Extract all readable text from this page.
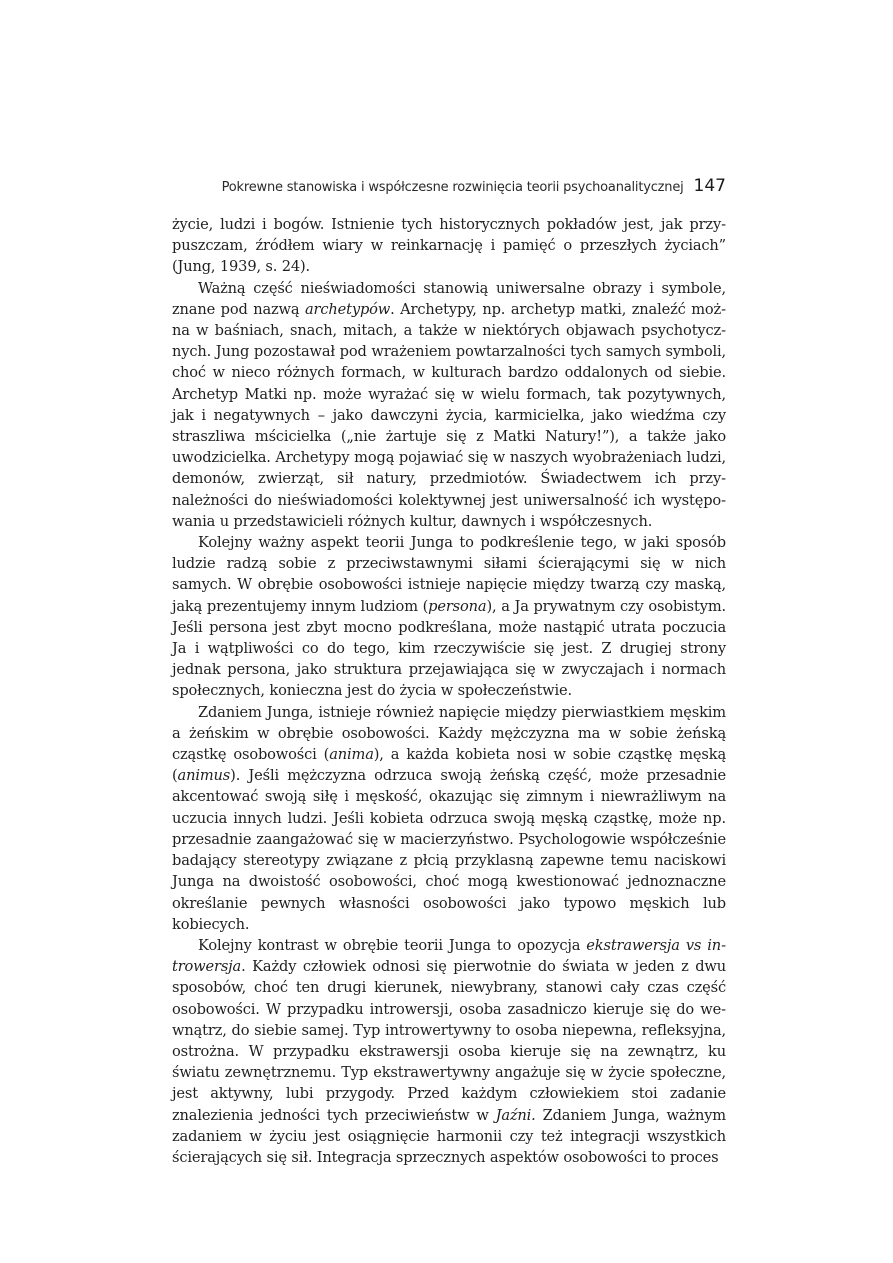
Pokrewne stanowiska i współczesne rozwinięcia teorii psychoanalitycznej 147

życie, ludzi i bogów. Istnienie tych historycznych pokładów jest, jak przypuszczam, źródłem wiary w reinkarnację i pamięć o przeszłych życiach” (Jung, 1939, s. 24).

Ważną część nieświadomości stanowią uniwersalne obrazy i symbole, znane pod nazwą archetypów. Archetypy, np. archetyp matki, znaleźć można w baśniach, snach, mitach, a także w niektórych objawach psychotycznych. Jung pozostawał pod wrażeniem powtarzalności tych samych symboli, choć w nieco różnych formach, w kulturach bardzo oddalonych od siebie. Archetyp Matki np. może wyrażać się w wielu formach, tak pozytywnych, jak i negatywnych – jako dawczyni życia, karmicielka, jako wiedźma czy straszliwa mścicielka („nie żartuje się z Matki Natury!”), a także jako uwodzicielka. Archetypy mogą pojawiać się w naszych wyobrażeniach ludzi, demonów, zwierząt, sił natury, przedmiotów. Świadectwem ich przynależności do nieświadomości kolektywnej jest uniwersalność ich występowania u przedstawicieli różnych kultur, dawnych i współczesnych.

Kolejny ważny aspekt teorii Junga to podkreślenie tego, w jaki sposób ludzie radzą sobie z przeciwstawnymi siłami ścierającymi się w nich samych. W obrębie osobowości istnieje napięcie między twarzą czy maską, jaką prezentujemy innym ludziom (persona), a Ja prywatnym czy osobistym. Jeśli persona jest zbyt mocno podkreślana, może nastąpić utrata poczucia Ja i wątpliwości co do tego, kim rzeczywiście się jest. Z drugiej strony jednak persona, jako struktura przejawiająca się w zwyczajach i normach społecznych, konieczna jest do życia w społeczeństwie.

Zdaniem Junga, istnieje również napięcie między pierwiastkiem męskim a żeńskim w obrębie osobowości. Każdy mężczyzna ma w sobie żeńską cząstkę osobowości (anima), a każda kobieta nosi w sobie cząstkę męską (animus). Jeśli mężczyzna odrzuca swoją żeńską część, może przesadnie akcentować swoją siłę i męskość, okazując się zimnym i niewrażliwym na uczucia innych ludzi. Jeśli kobieta odrzuca swoją męską cząstkę, może np. przesadnie zaangażować się w macierzyństwo. Psychologowie współcześnie badający stereotypy związane z płcią przyklasną zapewne temu naciskowi Junga na dwoistość osobowości, choć mogą kwestionować jednoznaczne określanie pewnych własności osobowości jako typowo męskich lub kobiecych.

Kolejny kontrast w obrębie teorii Junga to opozycja ekstrawersja vs introwersja. Każdy człowiek odnosi się pierwotnie do świata w jeden z dwu sposobów, choć ten drugi kierunek, niewybrany, stanowi cały czas część osobowości. W przypadku introwersji, osoba zasadniczo kieruje się do wewnątrz, do siebie samej. Typ introwertywny to osoba niepewna, refleksyjna, ostrożna. W przypadku ekstrawersji osoba kieruje się na zewnątrz, ku światu zewnętrznemu. Typ ekstrawertywny angażuje się w życie społeczne, jest aktywny, lubi przygody. Przed każdym człowiekiem stoi zadanie znalezienia jedności tych przeciwieństw w Jaźni. Zdaniem Junga, ważnym zadaniem w życiu jest osiągnięcie harmonii czy też integracji wszystkich ścierających się sił. Integracja sprzecznych aspektów osobowości to proces
